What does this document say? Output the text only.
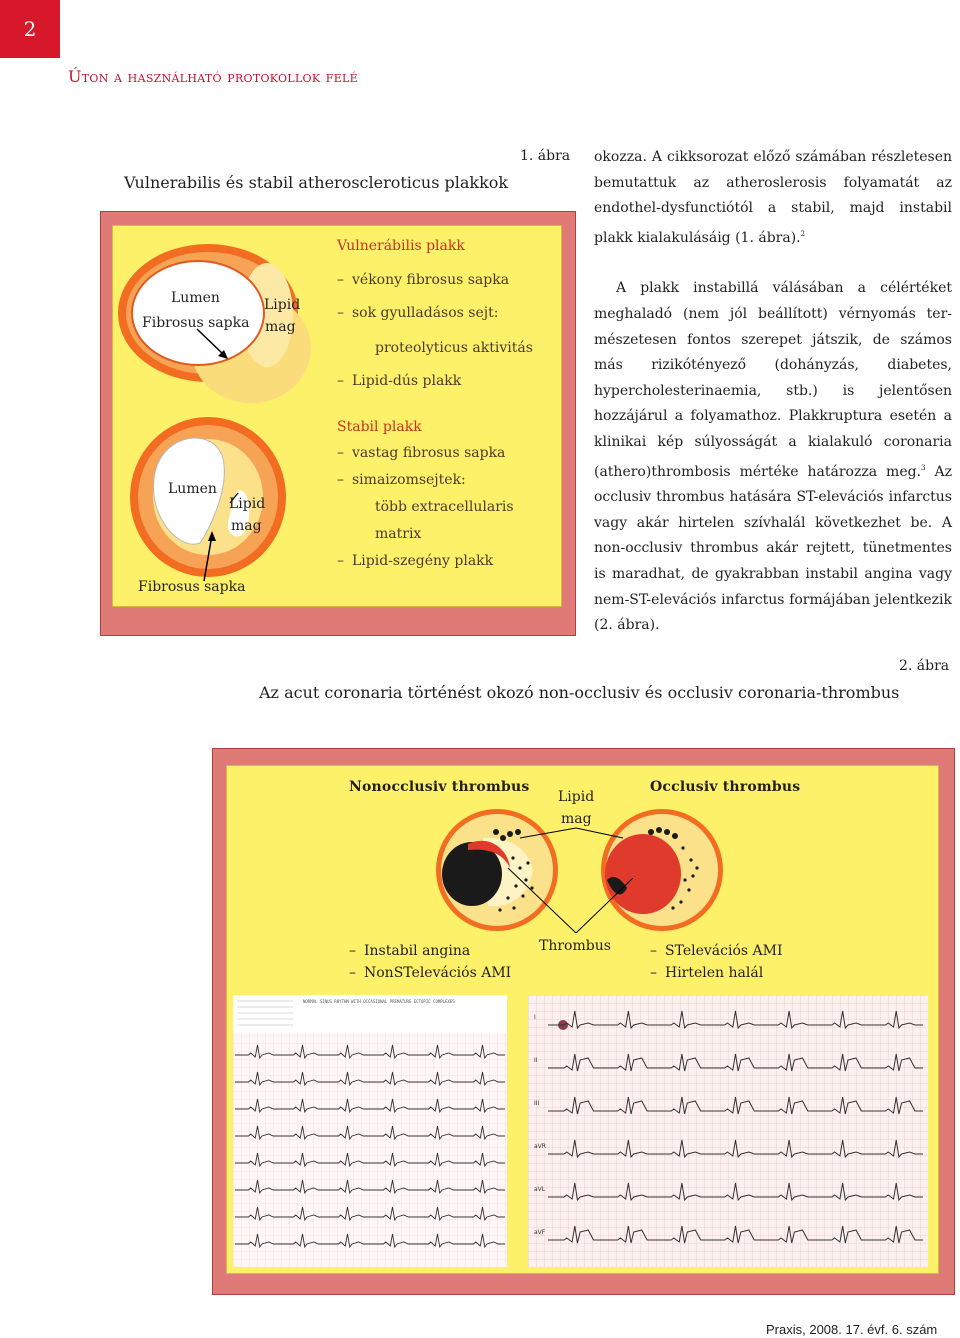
2
Úton a használható protokollok felé
1. ábra
Vulnerabilis és stabil atheroscleroticus plakkok
Lumen
Fibrosus sapka
Lipid
mag
Lumen
Lipid
mag
Fibrosus sapka
Vulnerábilis plakk
– vékony fibrosus sapka
– sok gyulladásos sejt:
proteolyticus aktivitás
– Lipid-dús plakk
Stabil plakk
– vastag fibrosus sapka
– simaizomsejtek:
több extracellularis
matrix
– Lipid-szegény plakk

okozza. A cikksorozat előző számában részletesen bemutattuk az atheroslerosis folyamatát az endothel-dysfunctiótól a stabil, majd instabil plakk kialakulásáig (1. ábra).$^2$

A plakk instabillá válásában a célértéket meghaladó (nem jól beállított) vérnyomás természetesen fontos szerepet játszik, de számos más rizikótényező (dohányzás, diabetes, hypercholesterinaemia, stb.) is jelentősen hozzájárul a folyamathoz. Plakkruptura esetén a klinikai kép súlyosságát a kialakuló coronaria (athero)thrombosis mértéke határozza meg.$^3$ Az occlusiv thrombus hatására ST-elevációs infarctus vagy akár hirtelen szívhalál következhet be. A non-occlusiv thrombus akár rejtett, tünetmentes is maradhat, de gyakrabban instabil angina vagy nem-ST-elevációs infarctus formájában jelentkezik (2. ábra).

2. ábra
Az acut coronaria történést okozó non-occlusiv és occlusiv coronaria-thrombus
Nonocclusiv thrombus	Occlusiv thrombus
Lipid
mag
Thrombus
– Instabil angina
– NonSTelevációs AMI
– STelevációs AMI
– Hirtelen halál
NORMAL SINUS RHYTHM WITH OCCASIONAL PREMATURE ECTOPIC COMPLEXES
I
II
III
aVR
aVL
aVF
Praxis, 2008. 17. évf. 6. szám
